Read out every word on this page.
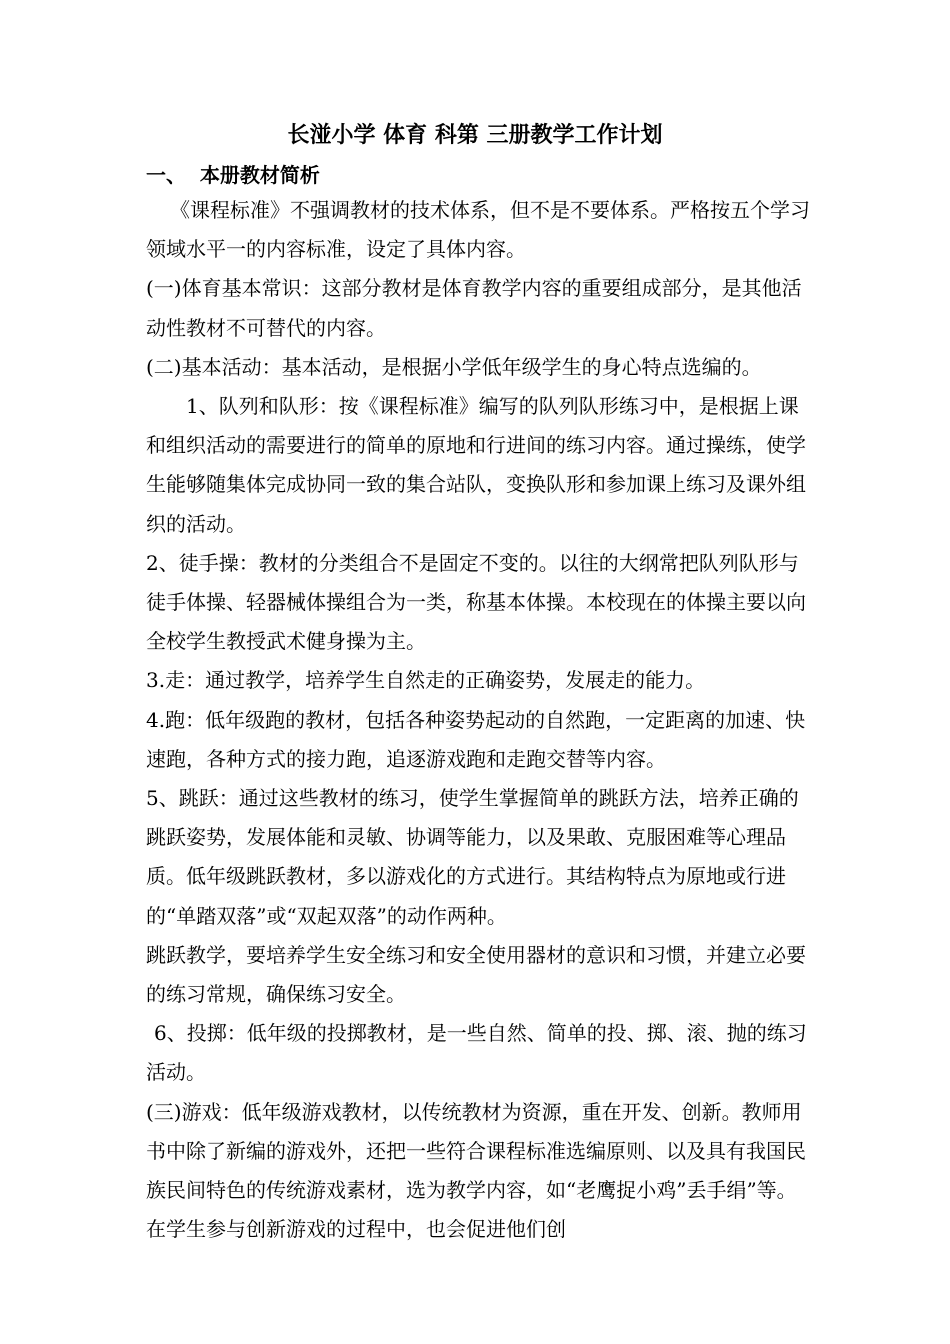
长湴小学 体育 科第 三册教学工作计划
一、  本册教材简析

《课程标准》不强调教材的技术体系，但不是不要体系。严格按五个学习领域水平一的内容标准，设定了具体内容。

(一)体育基本常识：这部分教材是体育教学内容的重要组成部分，是其他活动性教材不可替代的内容。

(二)基本活动：基本活动，是根据小学低年级学生的身心特点选编的。

1、队列和队形：按《课程标准》编写的队列队形练习中，是根据上课和组织活动的需要进行的简单的原地和行进间的练习内容。通过操练，使学生能够随集体完成协同一致的集合站队，变换队形和参加课上练习及课外组织的活动。

2、徒手操：教材的分类组合不是固定不变的。以往的大纲常把队列队形与徒手体操、轻器械体操组合为一类，称基本体操。本校现在的体操主要以向全校学生教授武术健身操为主。

3.走：通过教学，培养学生自然走的正确姿势，发展走的能力。

4.跑：低年级跑的教材，包括各种姿势起动的自然跑，一定距离的加速、快速跑，各种方式的接力跑，追逐游戏跑和走跑交替等内容。

5、跳跃：通过这些教材的练习，使学生掌握简单的跳跃方法，培养正确的跳跃姿势，发展体能和灵敏、协调等能力，以及果敢、克服困难等心理品质。低年级跳跃教材，多以游戏化的方式进行。其结构特点为原地或行进的“单踏双落”或“双起双落”的动作两种。

跳跃教学，要培养学生安全练习和安全使用器材的意识和习惯，并建立必要的练习常规，确保练习安全。

6、投掷：低年级的投掷教材，是一些自然、简单的投、掷、滚、抛的练习活动。

(三)游戏：低年级游戏教材，以传统教材为资源，重在开发、创新。教师用书中除了新编的游戏外，还把一些符合课程标准选编原则、以及具有我国民族民间特色的传统游戏素材，选为教学内容，如“老鹰捉小鸡”丢手绢”等。在学生参与创新游戏的过程中，也会促进他们创
